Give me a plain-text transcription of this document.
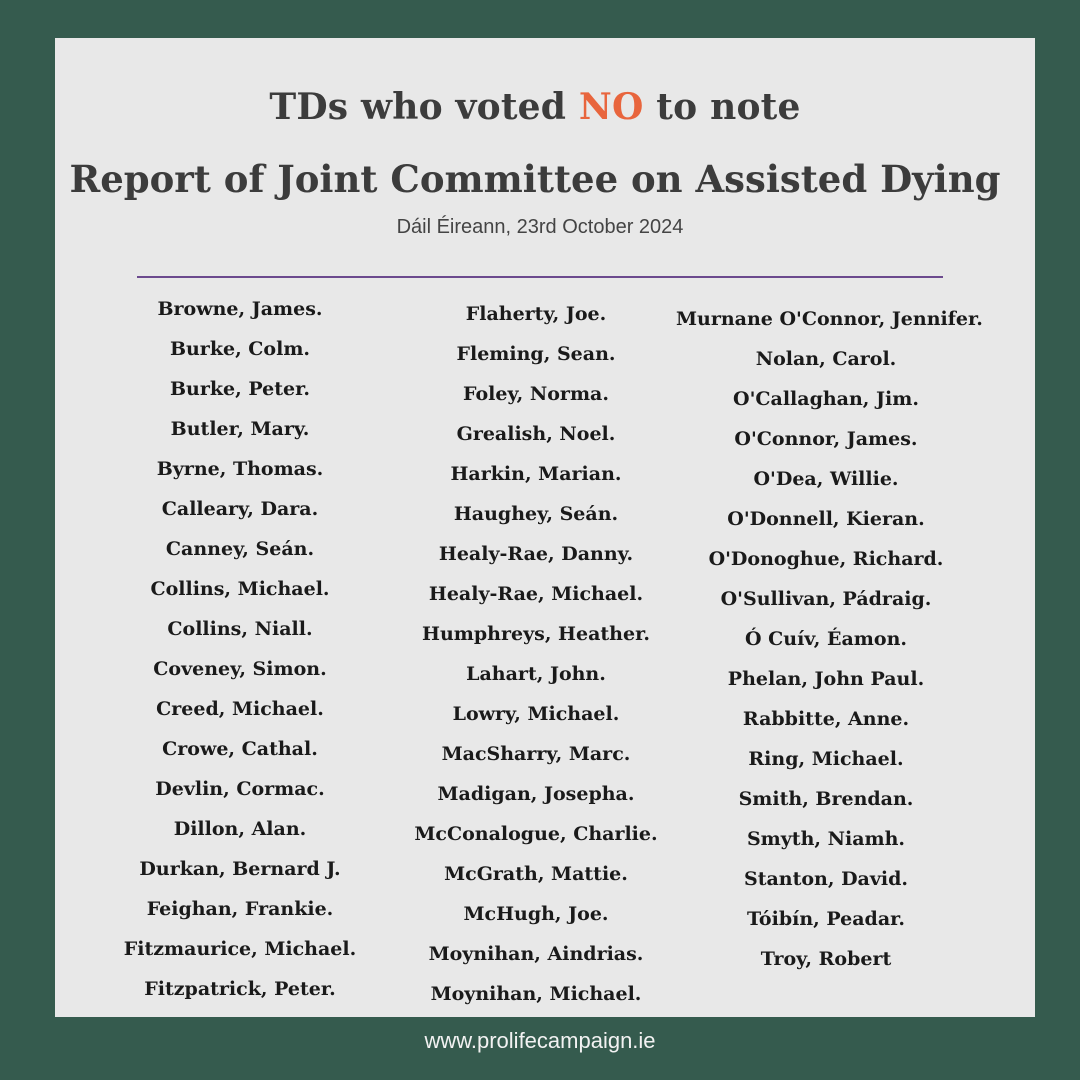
TDs who voted NO to note
Report of Joint Committee on Assisted Dying
Dáil Éireann, 23rd October 2024
Browne, James.
Burke, Colm.
Burke, Peter.
Butler, Mary.
Byrne, Thomas.
Calleary, Dara.
Canney, Seán.
Collins, Michael.
Collins, Niall.
Coveney, Simon.
Creed, Michael.
Crowe, Cathal.
Devlin, Cormac.
Dillon, Alan.
Durkan, Bernard J.
Feighan, Frankie.
Fitzmaurice, Michael.
Fitzpatrick, Peter.
Flaherty, Joe.
Fleming, Sean.
Foley, Norma.
Grealish, Noel.
Harkin, Marian.
Haughey, Seán.
Healy-Rae, Danny.
Healy-Rae, Michael.
Humphreys, Heather.
Lahart, John.
Lowry, Michael.
MacSharry, Marc.
Madigan, Josepha.
McConalogue, Charlie.
McGrath, Mattie.
McHugh, Joe.
Moynihan, Aindrias.
Moynihan, Michael.
Murnane O'Connor, Jennifer.
Nolan, Carol.
O'Callaghan, Jim.
O'Connor, James.
O'Dea, Willie.
O'Donnell, Kieran.
O'Donoghue, Richard.
O'Sullivan, Pádraig.
Ó Cuív, Éamon.
Phelan, John Paul.
Rabbitte, Anne.
Ring, Michael.
Smith, Brendan.
Smyth, Niamh.
Stanton, David.
Tóibín, Peadar.
Troy, Robert
www.prolifecampaign.ie
